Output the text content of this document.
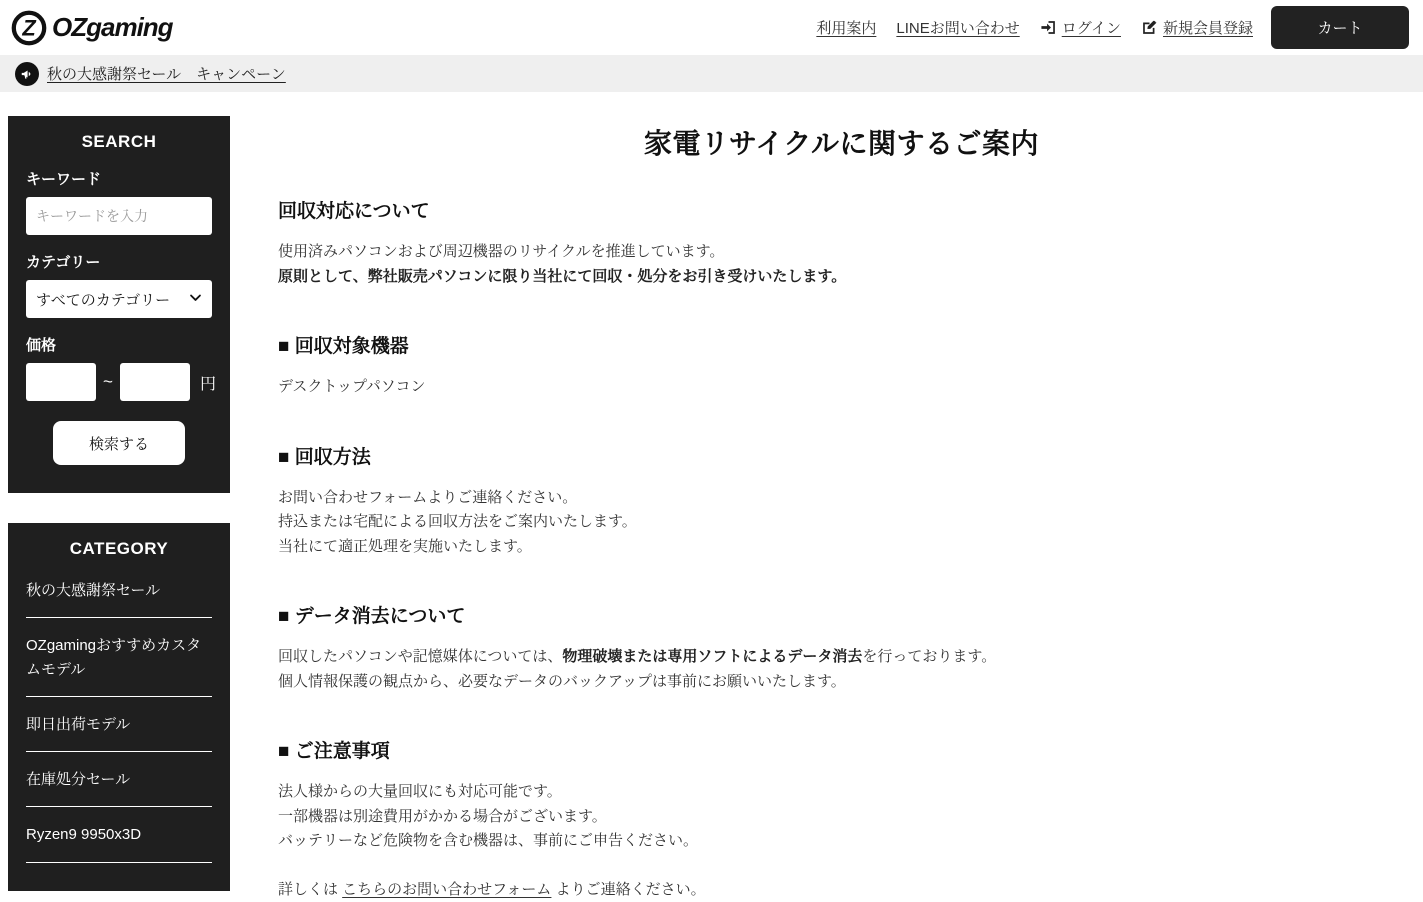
Z OZgaming	利用案内 LINEお問い合わせ	ログイン	新規会員登録	カート
秋の大感謝祭セール　キャンペーン
SEARCH
キーワード
キーワードを入力
カテゴリー
すべてのカテゴリー
価格
~	円
検索する
CATEGORY
秋の大感謝祭セール
OZgamingおすすめカスタムモデル
即日出荷モデル
在庫処分セール
Ryzen9 9950x3D
家電リサイクルに関するご案内
回収対応について

使用済みパソコンおよび周辺機器のリサイクルを推進しています。
原則として、弊社販売パソコンに限り当社にて回収・処分をお引き受けいたします。

■ 回収対象機器

デスクトップパソコン

■ 回収方法

お問い合わせフォームよりご連絡ください。
持込または宅配による回収方法をご案内いたします。
当社にて適正処理を実施いたします。

■ データ消去について

回収したパソコンや記憶媒体については、物理破壊または専用ソフトによるデータ消去を行っております。
個人情報保護の観点から、必要なデータのバックアップは事前にお願いいたします。

■ ご注意事項

法人様からの大量回収にも対応可能です。
一部機器は別途費用がかかる場合がございます。
バッテリーなど危険物を含む機器は、事前にご申告ください。

詳しくは こちらのお問い合わせフォーム よりご連絡ください。
